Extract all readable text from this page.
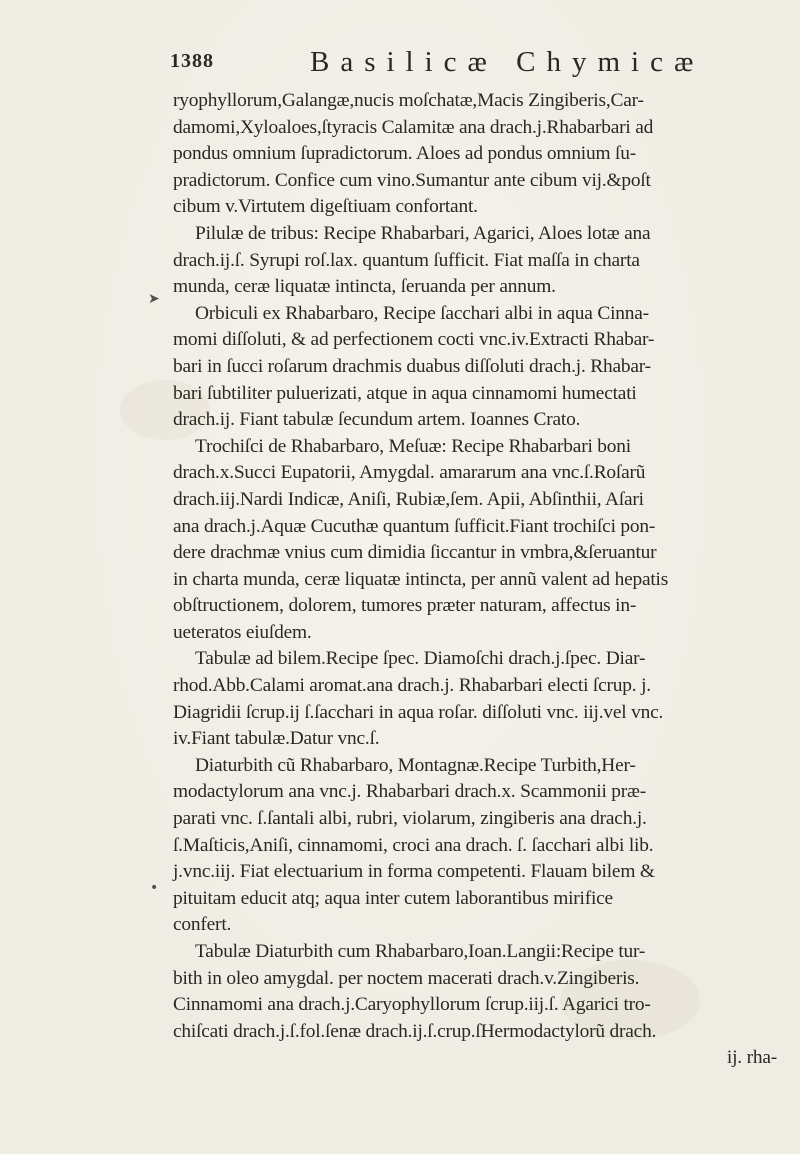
1388	Basilicæ Chymicæ
➤
•
ryophyllorum,Galangæ,nucis moſchatæ,Macis Zingiberis,Car-
damomi,Xyloaloes,ſtyracis Calamitæ ana drach.j.Rhabarbari ad
pondus omnium ſupradictorum. Aloes ad pondus omnium ſu-
pradictorum. Confice cum vino.Sumantur ante cibum vij.&poſt
cibum v.Virtutem digeſtiuam confortant.
Pilulæ de tribus: Recipe Rhabarbari, Agarici, Aloes lotæ ana
drach.ij.ſ. Syrupi roſ.lax. quantum ſufficit. Fiat maſſa in charta
munda, ceræ liquatæ intincta, ſeruanda per annum.
Orbiculi ex Rhabarbaro, Recipe ſacchari albi in aqua Cinna-
momi diſſoluti, & ad perfectionem cocti vnc.iv.Extracti Rhabar-
bari in ſucci roſarum drachmis duabus diſſoluti drach.j. Rhabar-
bari ſubtiliter puluerizati, atque in aqua cinnamomi humectati
drach.ij. Fiant tabulæ ſecundum artem. Ioannes Crato.
Trochiſci de Rhabarbaro, Meſuæ: Recipe Rhabarbari boni
drach.x.Succi Eupatorii, Amygdal. amararum ana vnc.ſ.Roſarũ
drach.iij.Nardi Indicæ, Aniſi, Rubiæ,ſem. Apii, Abſinthii, Aſari
ana drach.j.Aquæ Cucuthæ quantum ſufficit.Fiant trochiſci pon-
dere drachmæ vnius cum dimidia ſiccantur in vmbra,&ſeruantur
in charta munda, ceræ liquatæ intincta, per annũ valent ad hepatis
obſtructionem, dolorem, tumores præter naturam, affectus in-
ueteratos eiuſdem.
Tabulæ ad bilem.Recipe ſpec. Diamoſchi drach.j.ſpec. Diar-
rhod.Abb.Calami aromat.ana drach.j. Rhabarbari electi ſcrup. j.
Diagridii ſcrup.ij ſ.ſacchari in aqua roſar. diſſoluti vnc. iij.vel vnc.
iv.Fiant tabulæ.Datur vnc.ſ.
Diaturbith cũ Rhabarbaro, Montagnæ.Recipe Turbith,Her-
modactylorum ana vnc.j. Rhabarbari drach.x. Scammonii præ-
parati vnc. ſ.ſantali albi, rubri, violarum, zingiberis ana drach.j.
ſ.Maſticis,Aniſi, cinnamomi, croci ana drach. ſ. ſacchari albi lib.
j.vnc.iij. Fiat electuarium in forma competenti. Flauam bilem &
pituitam educit atq; aqua inter cutem laborantibus mirifice
confert.
Tabulæ Diaturbith cum Rhabarbaro,Ioan.Langii:Recipe tur-
bith in oleo amygdal. per noctem macerati drach.v.Zingiberis.
Cinnamomi ana drach.j.Caryophyllorum ſcrup.iij.ſ. Agarici tro-
chiſcati drach.j.ſ.fol.ſenæ drach.ij.ſ.crup.ſHermodactylorũ drach.
ij. rha-
